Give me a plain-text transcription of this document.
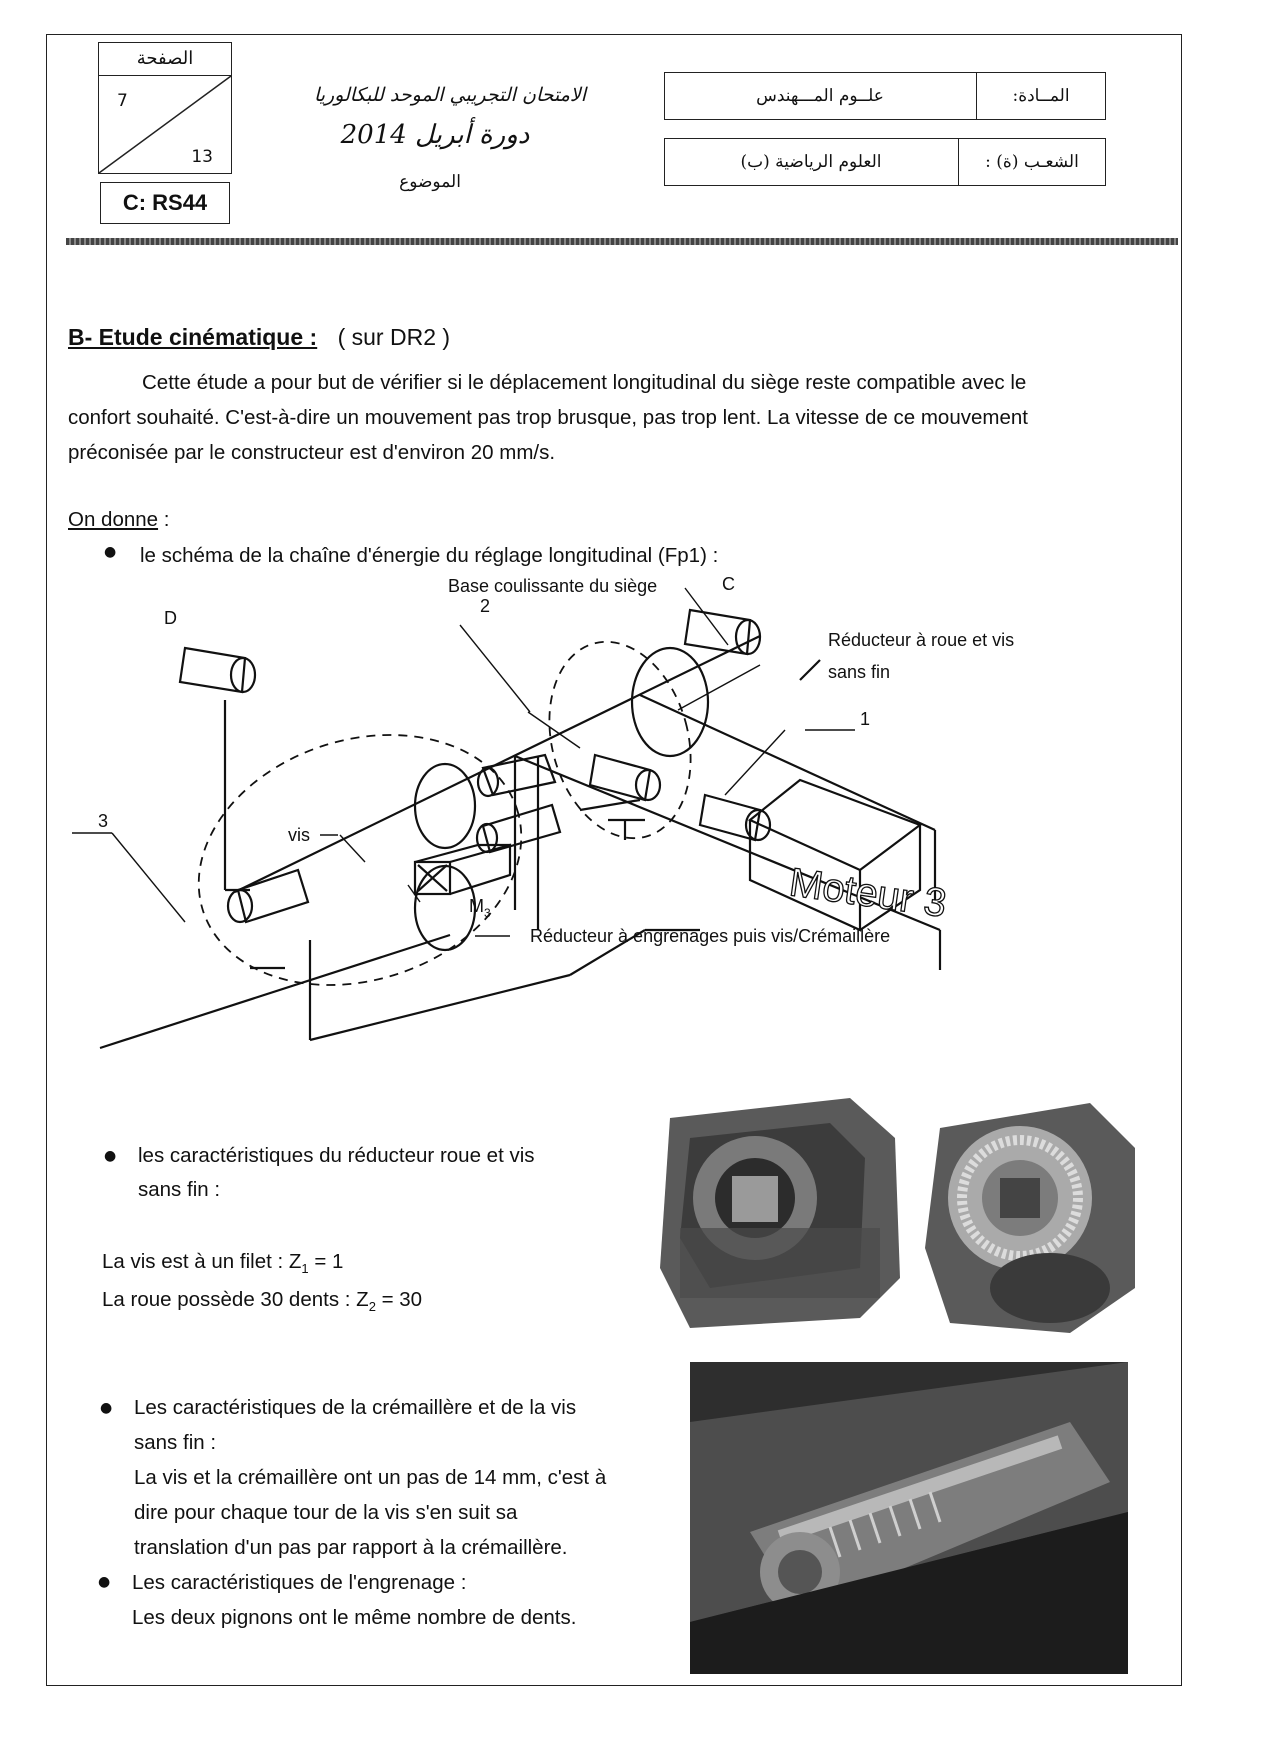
الصفحة
7
13
C: RS44
الامتحان التجريبي الموحد للبكالوريا
دورة أبريل 2014
الموضوع
المــادة:
علــوم المـــهندس
الشعـب (ة) :
العلوم الرياضية (ب)
B- Etude cinématique : ( sur DR2 )
Cette étude a pour but de vérifier si le déplacement longitudinal du siège reste compatible avec le
confort souhaité. C'est-à-dire un mouvement pas trop brusque, pas trop lent. La vitesse de ce mouvement
préconisée par le constructeur est d'environ 20 mm/s.
On donne :
● le schéma de la chaîne d'énergie du réglage longitudinal (Fp1) :
Base coulissante du siège	C
D
2
1
3
Réducteur à roue et vis
sans fin
vis
Réducteur à engrenages puis vis/Crémaillère
$M_3$	Moteur 3
● les caractéristiques du réducteur roue et vis
sans fin :
La vis est à un filet : $Z_1 = 1$
La roue possède 30 dents : $Z_2 = 30$
● Les caractéristiques de la crémaillère et de la vis
sans fin :
La vis et la crémaillère ont un pas de 14 mm, c'est à
dire pour chaque tour de la vis s'en suit sa
translation d'un pas par rapport à la crémaillère.
● Les caractéristiques de l'engrenage :
Les deux pignons ont le même nombre de dents.
